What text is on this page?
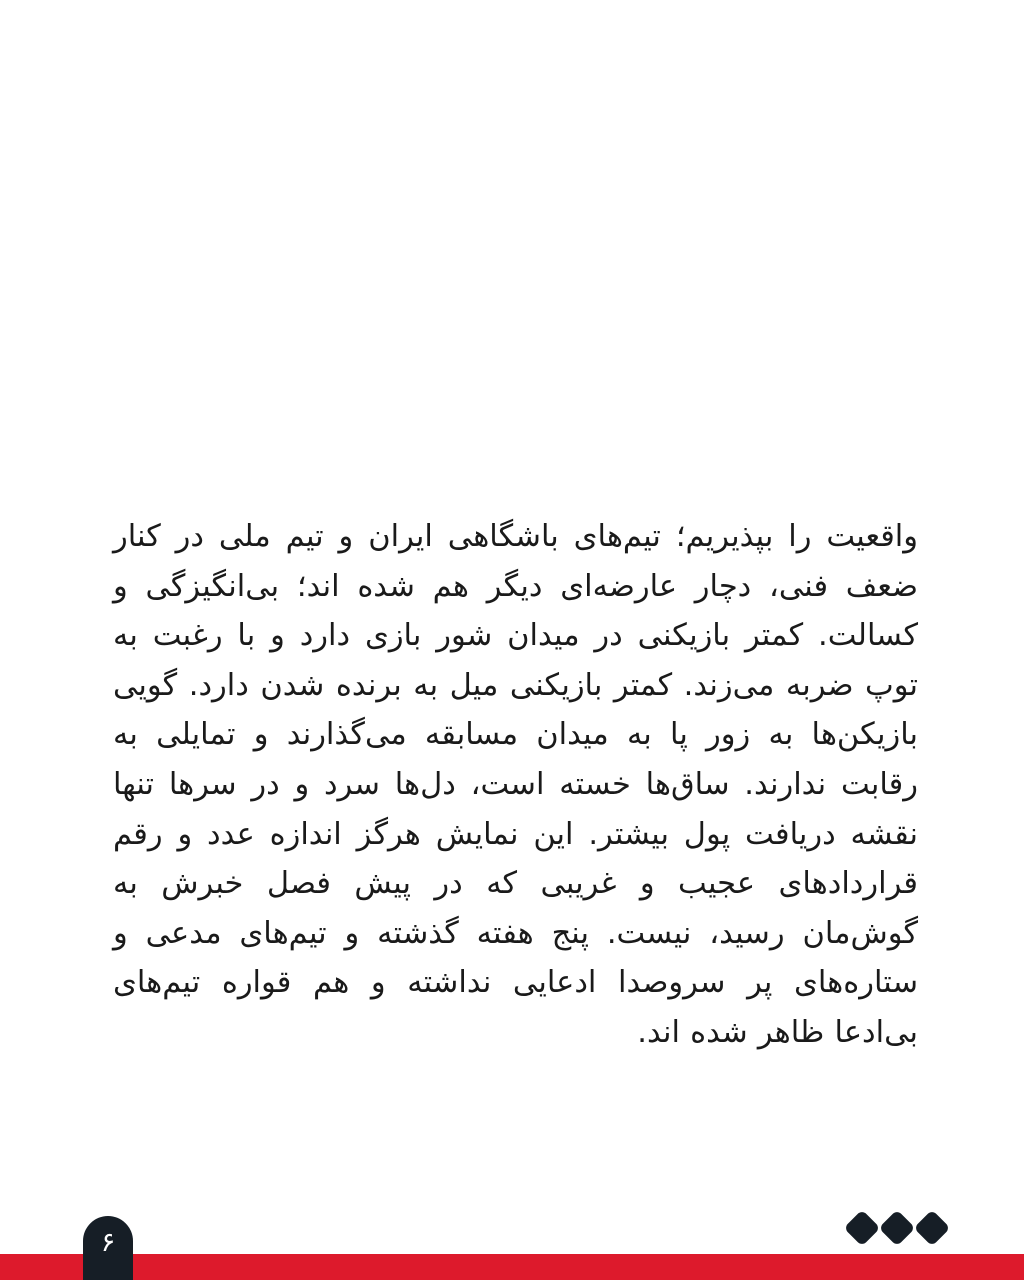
واقعیت را بپذیریم؛ تیم‌های باشگاهی ایران و تیم ملی در کنار ضعف فنی، دچار عارضه‌ای دیگر هم شده اند؛ بی‌انگیزگی و کسالت. کمتر بازیکنی در میدان شور بازی دارد و با رغبت به توپ ضربه می‌زند. کمتر بازیکنی میل به برنده شدن دارد. گویی بازیکن‌ها به زور پا به میدان مسابقه می‌گذارند و تمایلی به رقابت ندارند. ساق‌ها خسته است، دل‌ها سرد و در سرها تنها نقشه دریافت پول بیشتر. این نمایش هرگز اندازه عدد و رقم قراردادهای عجیب و غریبی که در پیش فصل خبرش به گوش‌مان رسید، نیست. پنج هفته گذشته و تیم‌های مدعی و ستاره‌های پر سروصدا ادعایی نداشته و هم قواره تیم‌های بی‌ادعا ظاهر شده اند.

۶
